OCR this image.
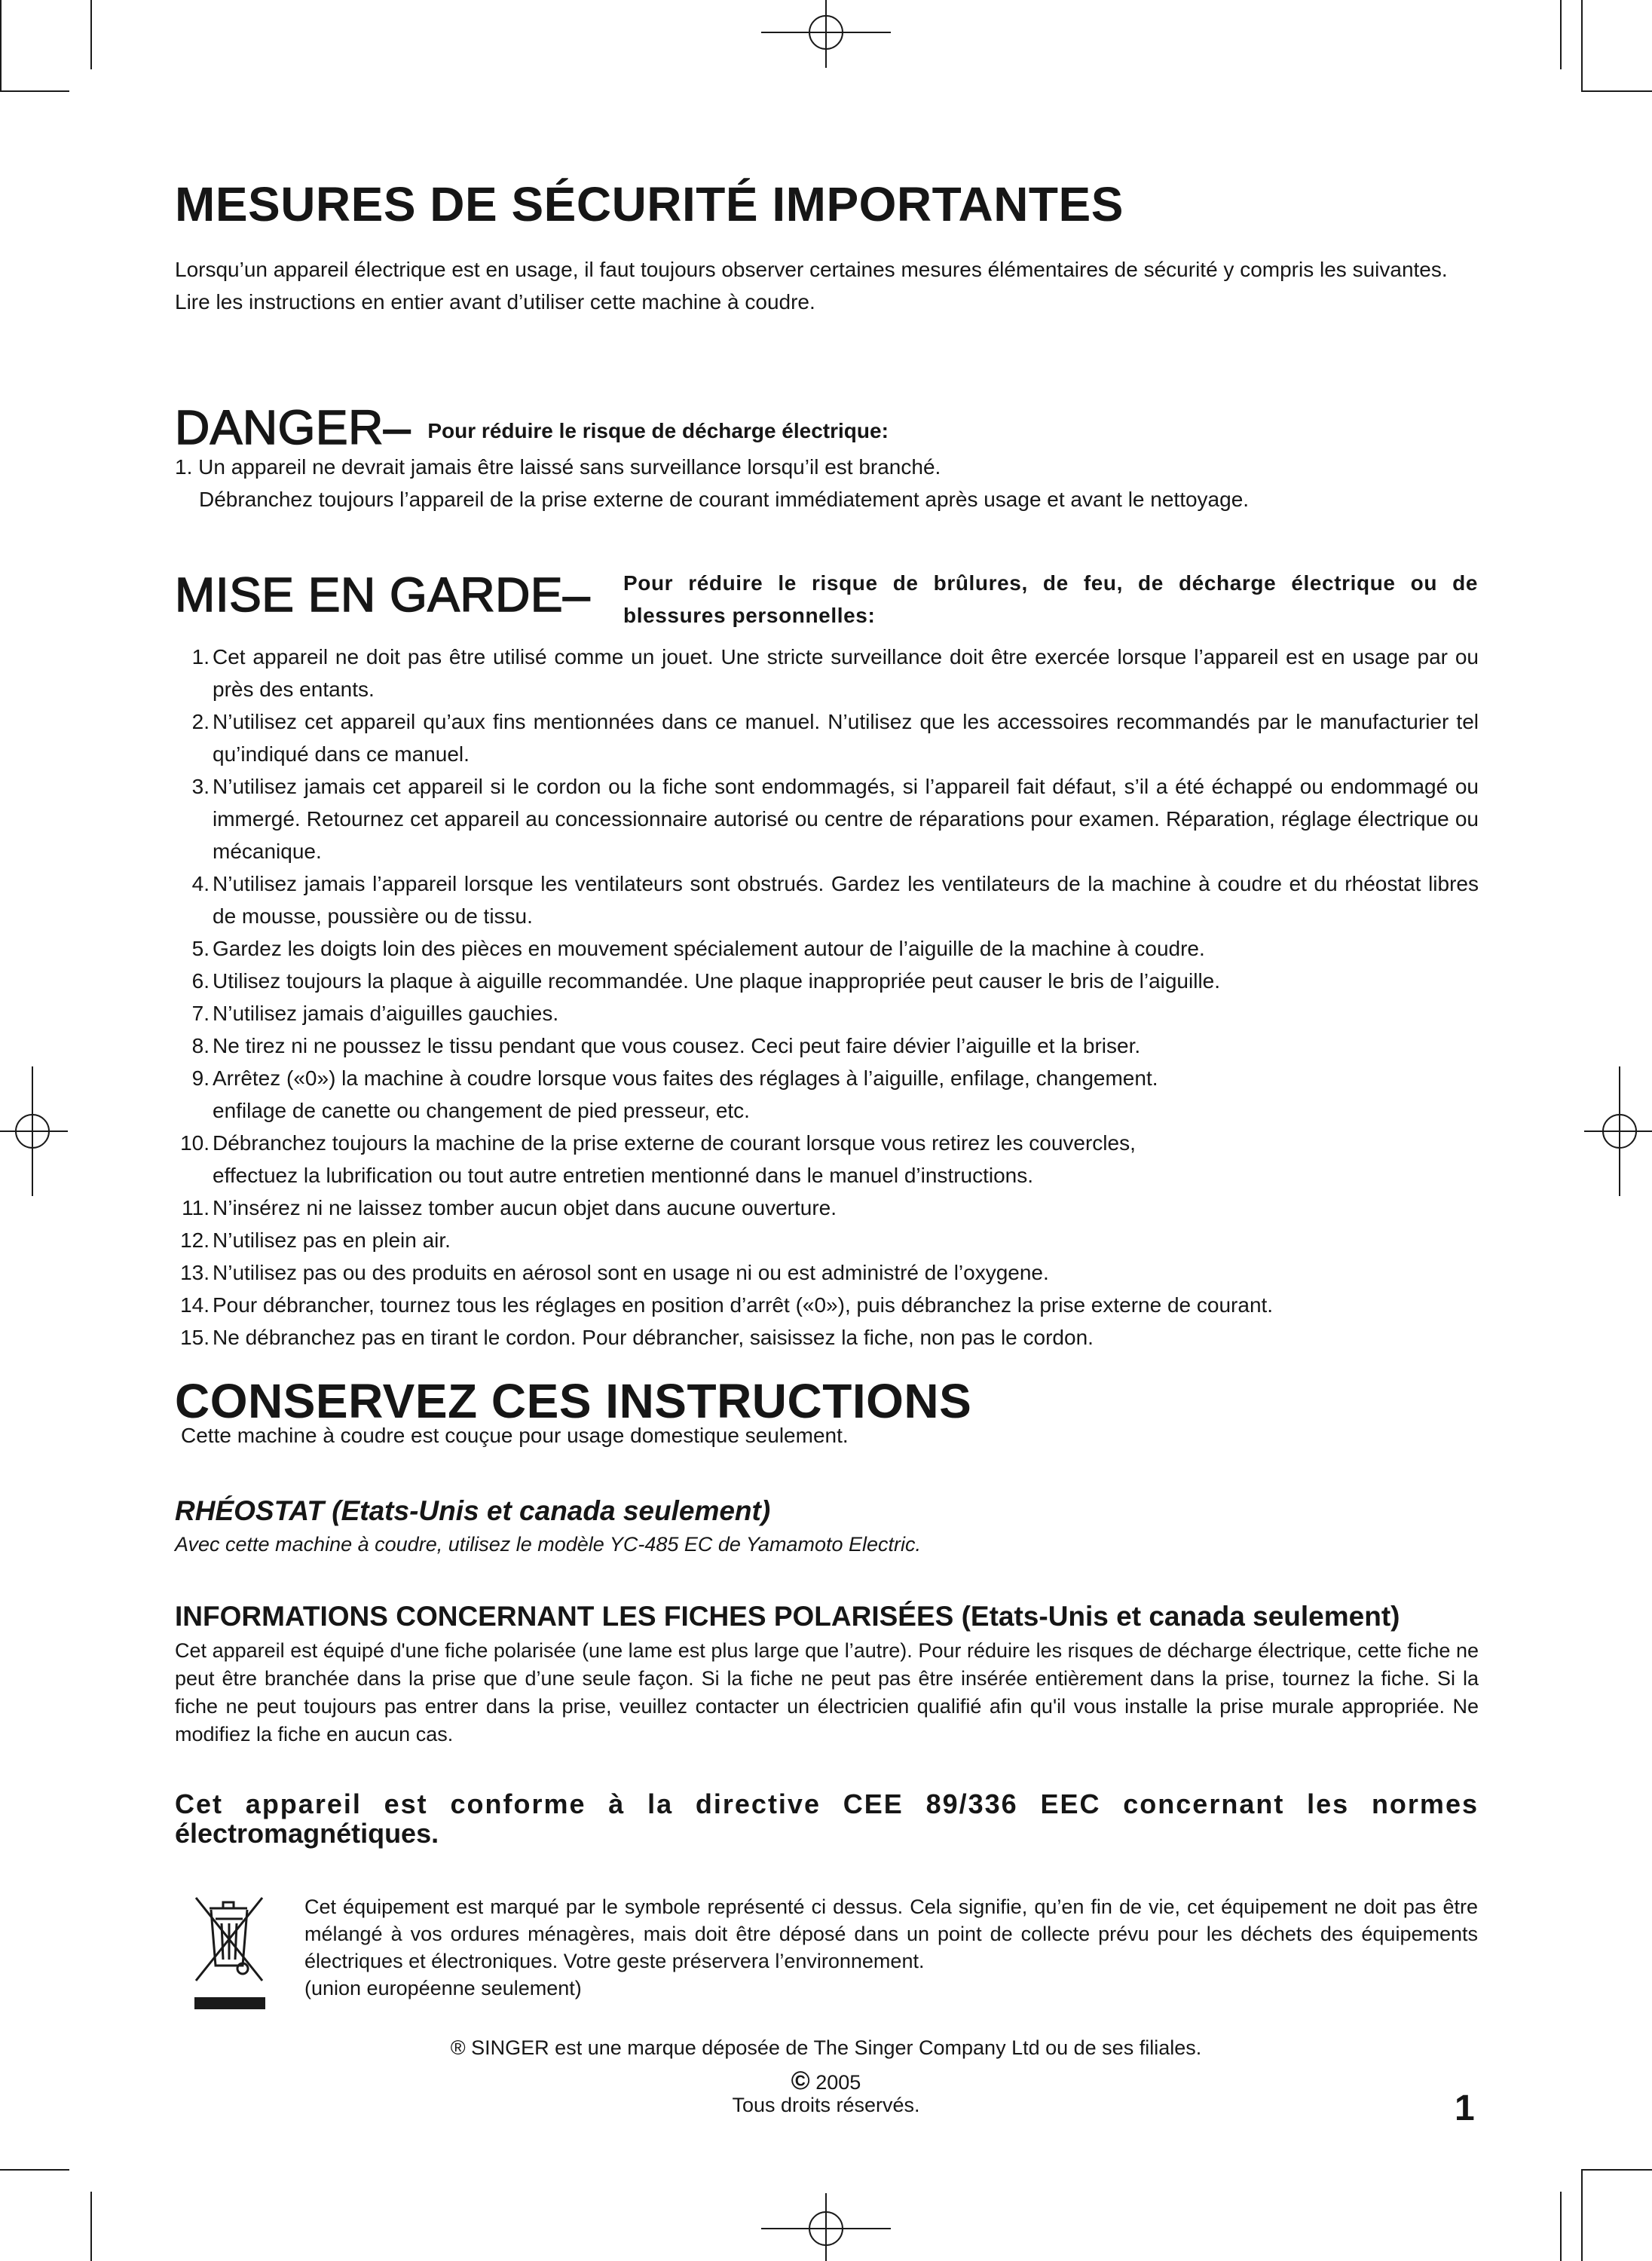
MESURES DE SÉCURITÉ IMPORTANTES
Lorsqu’un appareil électrique est en usage, il faut toujours observer certaines mesures élémentaires de sécurité y compris les suivantes.
Lire les instructions en entier avant d’utiliser cette machine à coudre.
DANGER– Pour réduire le risque de décharge électrique:
1. Un appareil ne devrait jamais être laissé sans surveillance lorsqu’il est branché.
Débranchez toujours l’appareil de la prise externe de courant immédiatement après usage et avant le nettoyage.
MISE EN GARDE– Pour réduire le risque de brûlures, de feu, de décharge électrique ou de blessures personnelles:
1. Cet appareil ne doit pas être utilisé comme un jouet. Une stricte surveillance doit être exercée lorsque l’appareil est en usage par ou près des entants.
2. N’utilisez cet appareil qu’aux fins mentionnées dans ce manuel. N’utilisez que les accessoires recommandés par le manufacturier tel qu’indiqué dans ce manuel.
3. N’utilisez jamais cet appareil si le cordon ou la fiche sont endommagés, si l’appareil fait défaut, s’il a été échappé ou endommagé ou immergé. Retournez cet appareil au concessionnaire autorisé ou centre de réparations pour examen. Réparation, réglage électrique ou mécanique.
4. N’utilisez jamais l’appareil lorsque les ventilateurs sont obstrués. Gardez les ventilateurs de la machine à coudre et du rhéostat libres de mousse, poussière ou de tissu.
5. Gardez les doigts loin des pièces en mouvement spécialement autour de l’aiguille de la machine à coudre.
6. Utilisez toujours la plaque à aiguille recommandée. Une plaque inappropriée peut causer le bris de l’aiguille.
7. N’utilisez jamais d’aiguilles gauchies.
8. Ne tirez ni ne poussez le tissu pendant que vous cousez. Ceci peut faire dévier l’aiguille et la briser.
9. Arrêtez («0») la machine à coudre lorsque vous faites des réglages à l’aiguille, enfilage, changement.
enfilage de canette ou changement de pied presseur, etc.
10. Débranchez toujours la machine de la prise externe de courant lorsque vous retirez les couvercles,
effectuez la lubrification ou tout autre entretien mentionné dans le manuel d’instructions.
11. N’insérez ni ne laissez tomber aucun objet dans aucune ouverture.
12. N’utilisez pas en plein air.
13. N’utilisez pas ou des produits en aérosol sont en usage ni ou est administré de l’oxygene.
14. Pour débrancher, tournez tous les réglages en position d’arrêt («0»), puis débranchez la prise externe de courant.
15. Ne débranchez pas en tirant le cordon. Pour débrancher, saisissez la fiche, non pas le cordon.
CONSERVEZ CES INSTRUCTIONS
Cette machine à coudre est couçue pour usage domestique seulement.
RHÉOSTAT (Etats-Unis et canada seulement)
Avec cette machine à coudre, utilisez le modèle YC-485 EC de Yamamoto Electric.
INFORMATIONS CONCERNANT LES FICHES POLARISÉES (Etats-Unis et canada seulement)
Cet appareil est équipé d'une fiche polarisée (une lame est plus large que l’autre). Pour réduire les risques de décharge électrique, cette fiche ne peut être branchée dans la prise que d’une seule façon. Si la fiche ne peut pas être insérée entièrement dans la prise, tournez la fiche. Si la fiche ne peut toujours pas entrer dans la prise, veuillez contacter un électricien qualifié afin qu'il vous installe la prise murale appropriée. Ne modifiez la fiche en aucun cas.
Cet appareil est conforme à la directive CEE 89/336 EEC concernant les normes
électromagnétiques.
Cet équipement est marqué par le symbole représenté ci dessus. Cela signifie, qu’en fin de vie, cet équipement ne doit pas être mélangé à vos ordures ménagères, mais doit être déposé dans un point de collecte prévu pour les déchets des équipements électriques et électroniques. Votre geste préservera l’environnement.
(union européenne seulement)
® SINGER est une marque déposée de The Singer Company Ltd ou de ses filiales.
© 2005
Tous droits réservés.	1
